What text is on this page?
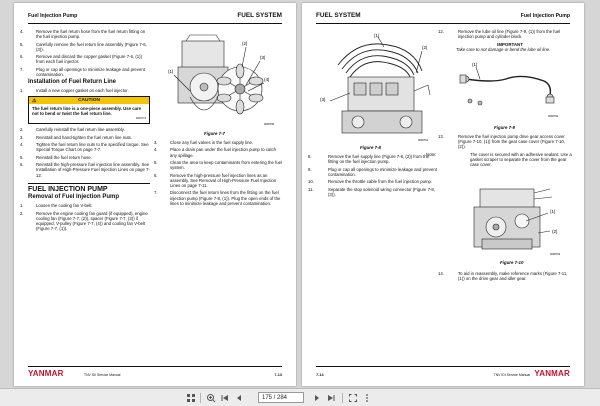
Fuel Injection Pump	FUEL SYSTEM

4.	Remove the fuel return hose from the fuel return fitting on the fuel injection pump.

5.	Carefully remove the fuel return line assembly (Figure 7-6, (3)).

6.	Remove and discard the copper gasket (Figure 7-6, (1)) from each fuel injector.

7.	Plug or cap all openings to minimize leakage and prevent contamination.

Installation of Fuel Return Line

1.	Install a new copper gasket on each fuel injector.

⚠	CAUTION
The fuel return line is a one-piece assembly. Use care not to bend or twist the fuel return line.
0000774

2.	Carefully reinstall the fuel return line assembly.

3.	Reinstall and hand-tighten the fuel return line nuts.

4.	Tighten the fuel return line nuts to the specified torque. See Special Torque Chart on page 7-7.

5.	Reinstall the fuel return hose.

6.	Reinstall the high-pressure fuel injection line assembly. See Installation of High-Pressure Fuel Injection Lines on page 7-12.

FUEL INJECTION PUMP
Removal of Fuel Injection Pump

1.	Loosen the cooling fan V-belt.

2.	Remove the engine cooling fan guard (if equipped), engine cooling fan (Figure 7-7, (2)), spacer (Figure 7-7, (3)) if equipped, V-pulley (Figure 7-7, (4)) and cooling fan V-belt (Figure 7-7, (1)).

(2)
(3)
(4)
(1)
0000760
Figure 7-7

3.	Close any fuel valves in the fuel supply line.

4.	Place a drain pan under the fuel injection pump to catch any spillage.

5.	Clean the area to keep contaminants from entering the fuel system.

6.	Remove the high-pressure fuel injection lines as an assembly. See Removal of High-Pressure Fuel Injection Lines on page 7-11.

7.	Disconnect the fuel return lines from the fitting on the fuel injection pump (Figure 7-8, (1)). Plug the open ends of the lines to minimize leakage and prevent contamination.

YANMAR	TNV IDI Service Manual	7-13
FUEL SYSTEM	Fuel Injection Pump
(1)
(2)
(3)
0000761
Figure 7-8

8.	Remove the fuel supply line (Figure 7-8, (2)) from the fitting on the fuel injection pump.

9.	Plug or cap all openings to minimize leakage and prevent contamination.

10.	Remove the throttle cable from the fuel injection pump.

11.	Separate the stop solenoid wiring connector (Figure 7-8, (3)).

12.	Remove the lube oil line (Figure 7-9, (1)) from the fuel injection pump and cylinder block.

IMPORTANT

Take care to not damage or bend the lube oil line.

(1)
0000762
Figure 7-9

13.	Remove the fuel injection pump drive gear access cover (Figure 7-10, (1)) from the gear case cover (Figure 7-10, (2)).

Note:	The cover is secured with an adhesive sealant. Use a gasket scraper to separate the cover from the gear case cover.

(1)
(2)
0000763
Figure 7-10

14.	To aid in reassembly, make reference marks (Figure 7-11, (1)) on the drive gear and idler gear.

7-14	TNV IDI Service Manual YANMAR
175 / 284
